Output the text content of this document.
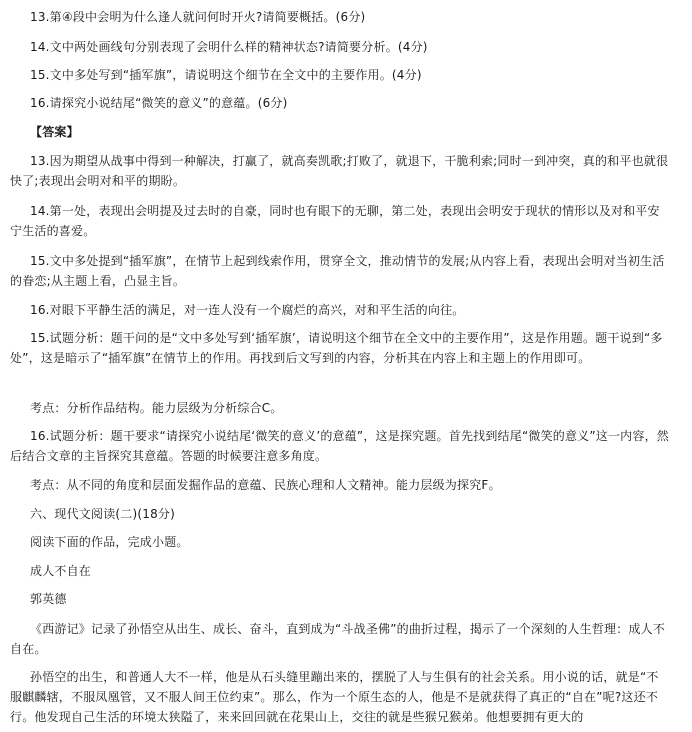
13.第④段中会明为什么逢人就问何时开火?请简要概括。(6分)

14.文中两处画线句分别表现了会明什么样的精神状态?请简要分析。(4分)

15.文中多处写到“插军旗”，请说明这个细节在全文中的主要作用。(4分)

16.请探究小说结尾“微笑的意义”的意蕴。(6分)

【答案】

13.因为期望从战事中得到一种解决，打赢了，就高奏凯歌;打败了，就退下，干脆利索;同时一到冲突，真的和平也就很快了;表现出会明对和平的期盼。

14.第一处，表现出会明提及过去时的自豪，同时也有眼下的无聊，第二处，表现出会明安于现状的情形以及对和平安宁生活的喜爱。

15.文中多处提到“插军旗”，在情节上起到线索作用，贯穿全文，推动情节的发展;从内容上看，表现出会明对当初生活的眷恋;从主题上看，凸显主旨。

16.对眼下平静生活的满足，对一连人没有一个腐烂的高兴，对和平生活的向往。

15.试题分析：题干问的是“文中多处写到‘插军旗’，请说明这个细节在全文中的主要作用”，这是作用题。题干说到“多处”，这是暗示了“插军旗”在情节上的作用。再找到后文写到的内容，分析其在内容上和主题上的作用即可。

考点：分析作品结构。能力层级为分析综合C。

16.试题分析：题干要求“请探究小说结尾‘微笑的意义’的意蕴”，这是探究题。首先找到结尾“微笑的意义”这一内容，然后结合文章的主旨探究其意蕴。答题的时候要注意多角度。

考点：从不同的角度和层面发掘作品的意蕴、民族心理和人文精神。能力层级为探究F。

六、现代文阅读(二)(18分)

阅读下面的作品，完成小题。

成人不自在

郭英德

《西游记》记录了孙悟空从出生、成长、奋斗，直到成为“斗战圣佛”的曲折过程，揭示了一个深刻的人生哲理：成人不自在。

孙悟空的出生，和普通人大不一样，他是从石头缝里蹦出来的，摆脱了人与生俱有的社会关系。用小说的话，就是“不服麒麟辖，不服凤凰管，又不服人间王位约束”。那么，作为一个原生态的人，他是不是就获得了真正的“自在”呢?这还不行。他发现自己生活的环境太狭隘了，来来回回就在花果山上，交往的就是些猴兄猴弟。他想要拥有更大的
